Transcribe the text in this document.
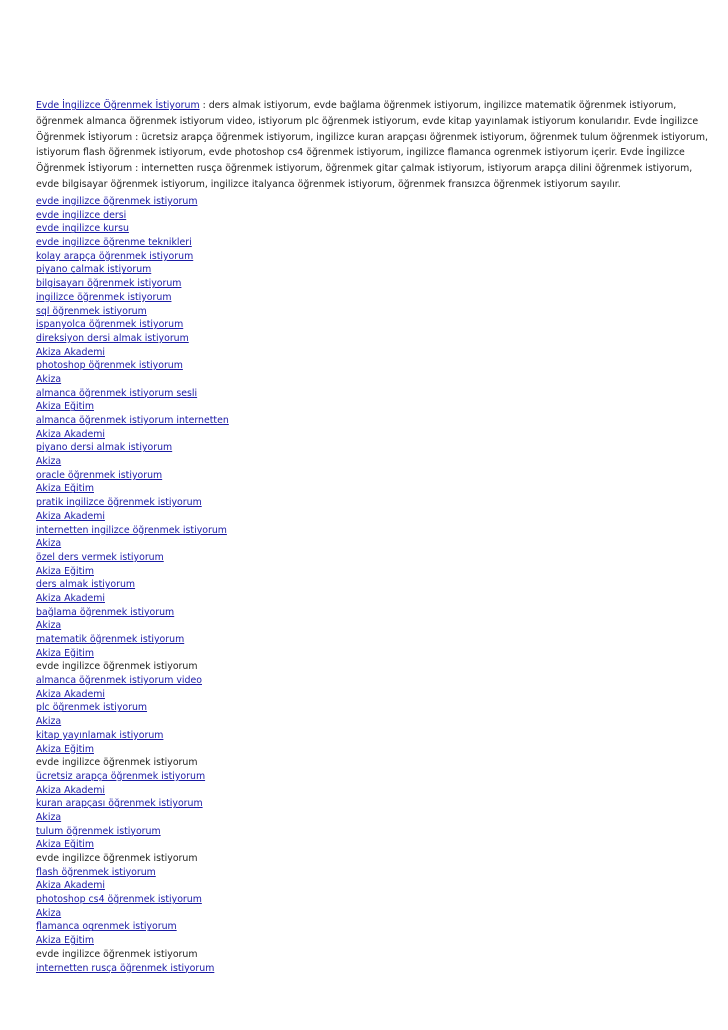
Evde İngilizce Öğrenmek İstiyorum : ders almak istiyorum, evde bağlama öğrenmek istiyorum, ingilizce matematik öğrenmek istiyorum, öğrenmek almanca öğrenmek istiyorum video, istiyorum plc öğrenmek istiyorum, evde kitap yayınlamak istiyorum konularıdır. Evde İngilizce Öğrenmek İstiyorum : ücretsiz arapça öğrenmek istiyorum, ingilizce kuran arapçası öğrenmek istiyorum, öğrenmek tulum öğrenmek istiyorum, istiyorum flash öğrenmek istiyorum, evde photoshop cs4 öğrenmek istiyorum, ingilizce flamanca ogrenmek istiyorum içerir. Evde İngilizce Öğrenmek İstiyorum : internetten rusça öğrenmek istiyorum, öğrenmek gitar çalmak istiyorum, istiyorum arapça dilini öğrenmek istiyorum, evde bilgisayar öğrenmek istiyorum, ingilizce italyanca öğrenmek istiyorum, öğrenmek fransızca öğrenmek istiyorum sayılır.

evde ingilizce öğrenmek istiyorum
evde ingilizce dersi
evde ingilizce kursu
evde ingilizce öğrenme teknikleri
kolay arapça öğrenmek istiyorum
piyano çalmak istiyorum
bilgisayarı öğrenmek istiyorum
ingilizce öğrenmek istiyorum
sql öğrenmek istiyorum
ispanyolca öğrenmek istiyorum
direksiyon dersi almak istiyorum
Akiza Akademi
photoshop öğrenmek istiyorum
Akiza
almanca öğrenmek istiyorum sesli
Akiza Eğitim
almanca öğrenmek istiyorum internetten
Akiza Akademi
piyano dersi almak istiyorum
Akiza
oracle öğrenmek istiyorum
Akiza Eğitim
pratik ingilizce öğrenmek istiyorum
Akiza Akademi
internetten ingilizce öğrenmek istiyorum
Akiza
özel ders vermek istiyorum
Akiza Eğitim
ders almak istiyorum
Akiza Akademi
bağlama öğrenmek istiyorum
Akiza
matematik öğrenmek istiyorum
Akiza Eğitim
evde ingilizce öğrenmek istiyorum
almanca öğrenmek istiyorum video
Akiza Akademi
plc öğrenmek istiyorum
Akiza
kitap yayınlamak istiyorum
Akiza Eğitim
evde ingilizce öğrenmek istiyorum
ücretsiz arapça öğrenmek istiyorum
Akiza Akademi
kuran arapçası öğrenmek istiyorum
Akiza
tulum öğrenmek istiyorum
Akiza Eğitim
evde ingilizce öğrenmek istiyorum
flash öğrenmek istiyorum
Akiza Akademi
photoshop cs4 öğrenmek istiyorum
Akiza
flamanca ogrenmek istiyorum
Akiza Eğitim
evde ingilizce öğrenmek istiyorum
internetten rusça öğrenmek istiyorum
